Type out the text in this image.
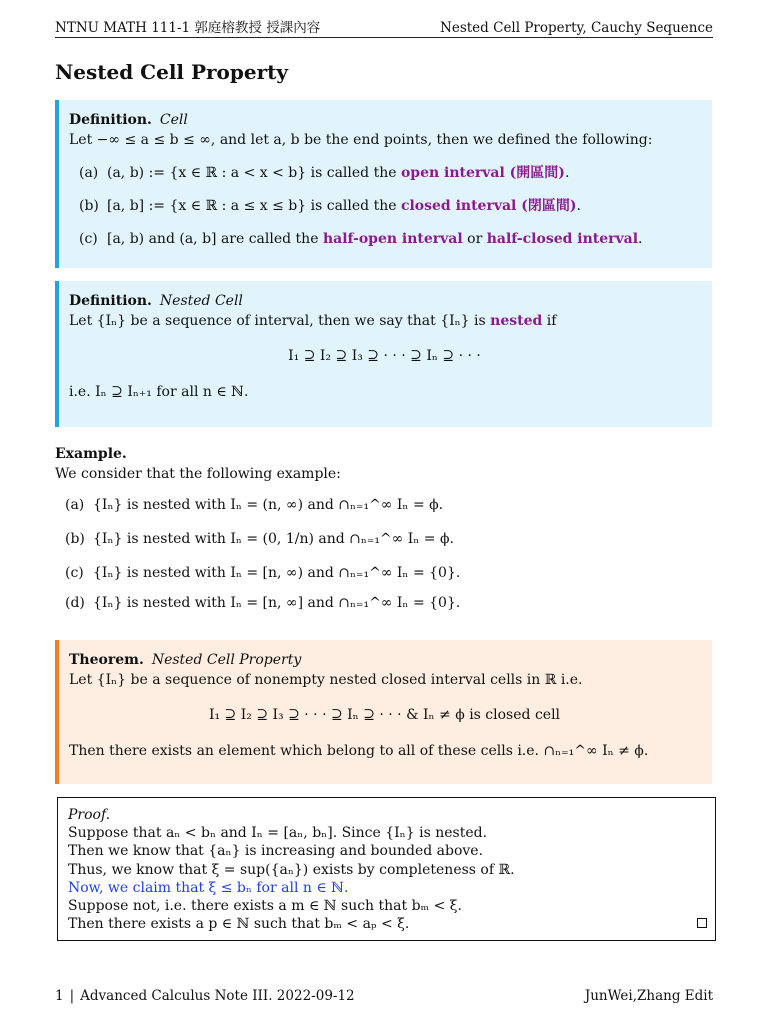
NTNU MATH 111-1 郭庭榕教授 授課內容	Nested Cell Property, Cauchy Sequence
Nested Cell Property
Definition. Cell
Let −∞ ≤ a ≤ b ≤ ∞, and let a, b be the end points, then we defined the following:
(a) (a, b) := {x ∈ ℝ : a < x < b} is called the open interval (開區間).
(b) [a, b] := {x ∈ ℝ : a ≤ x ≤ b} is called the closed interval (閉區間).
(c) [a, b) and (a, b] are called the half-open interval or half-closed interval.
Definition. Nested Cell
Let {Iₙ} be a sequence of interval, then we say that {Iₙ} is nested if
I₁ ⊇ I₂ ⊇ I₃ ⊇ · · · ⊇ Iₙ ⊇ · · ·
i.e. Iₙ ⊇ Iₙ₊₁ for all n ∈ ℕ.
Example.
We consider that the following example:
(a) {Iₙ} is nested with Iₙ = (n, ∞) and ∩ₙ₌₁^∞ Iₙ = ϕ.
(b) {Iₙ} is nested with Iₙ = (0, 1/n) and ∩ₙ₌₁^∞ Iₙ = ϕ.
(c) {Iₙ} is nested with Iₙ = [n, ∞) and ∩ₙ₌₁^∞ Iₙ = {0}.
(d) {Iₙ} is nested with Iₙ = [n, ∞] and ∩ₙ₌₁^∞ Iₙ = {0}.
Theorem. Nested Cell Property
Let {Iₙ} be a sequence of nonempty nested closed interval cells in ℝ i.e.
I₁ ⊇ I₂ ⊇ I₃ ⊇ · · · ⊇ Iₙ ⊇ · · · & Iₙ ≠ ϕ is closed cell
Then there exists an element which belong to all of these cells i.e. ∩ₙ₌₁^∞ Iₙ ≠ ϕ.
Proof.
Suppose that aₙ < bₙ and Iₙ = [aₙ, bₙ]. Since {Iₙ} is nested.
Then we know that {aₙ} is increasing and bounded above.
Thus, we know that ξ = sup({aₙ}) exists by completeness of ℝ.
Now, we claim that ξ ≤ bₙ for all n ∈ ℕ.
Suppose not, i.e. there exists a m ∈ ℕ such that bₘ < ξ.
Then there exists a p ∈ ℕ such that bₘ < aₚ < ξ.
1 | Advanced Calculus Note III. 2022-09-12	JunWei,Zhang Edit
